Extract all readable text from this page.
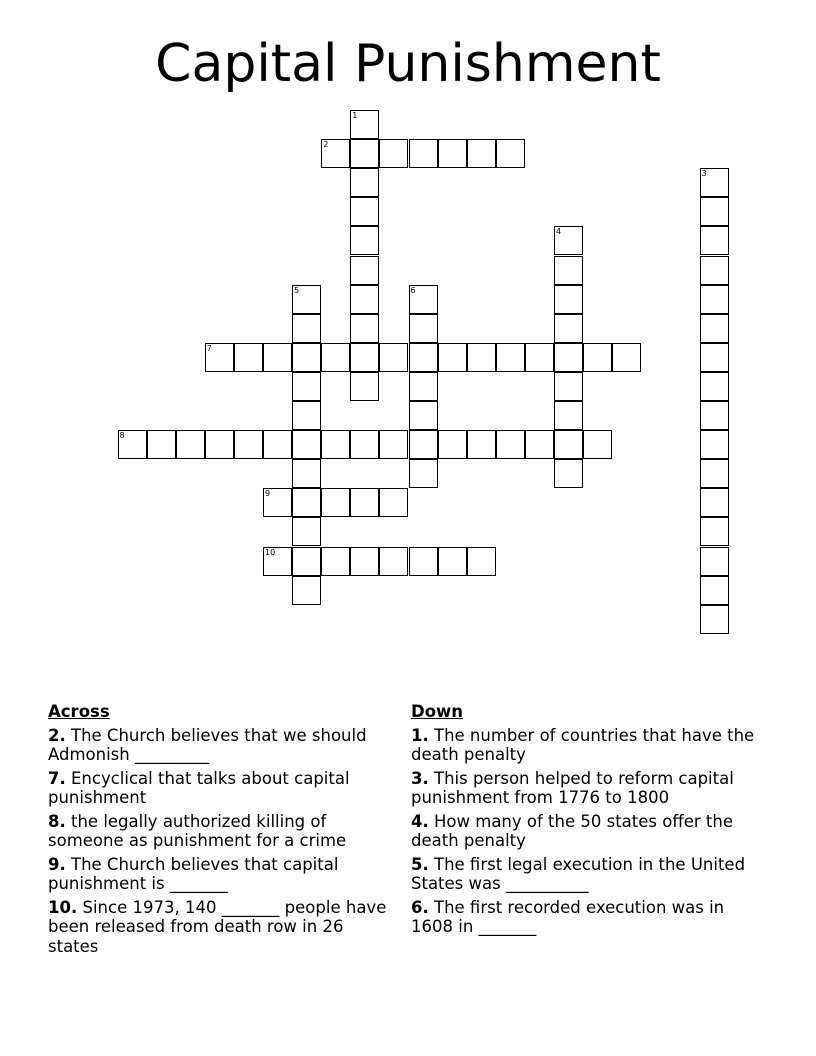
Capital Punishment
1
2
3
4
5	6
7
8
9
10
Across
2. The Church believes that we should Admonish _________
7. Encyclical that talks about capital punishment
8. the legally authorized killing of someone as punishment for a crime
9. The Church believes that capital punishment is _______
10. Since 1973, 140 _______ people have been released from death row in 26 states
Down
1. The number of countries that have the death penalty
3. This person helped to reform capital punishment from 1776 to 1800
4. How many of the 50 states offer the death penalty
5. The first legal execution in the United States was __________
6. The first recorded execution was in 1608 in _______
